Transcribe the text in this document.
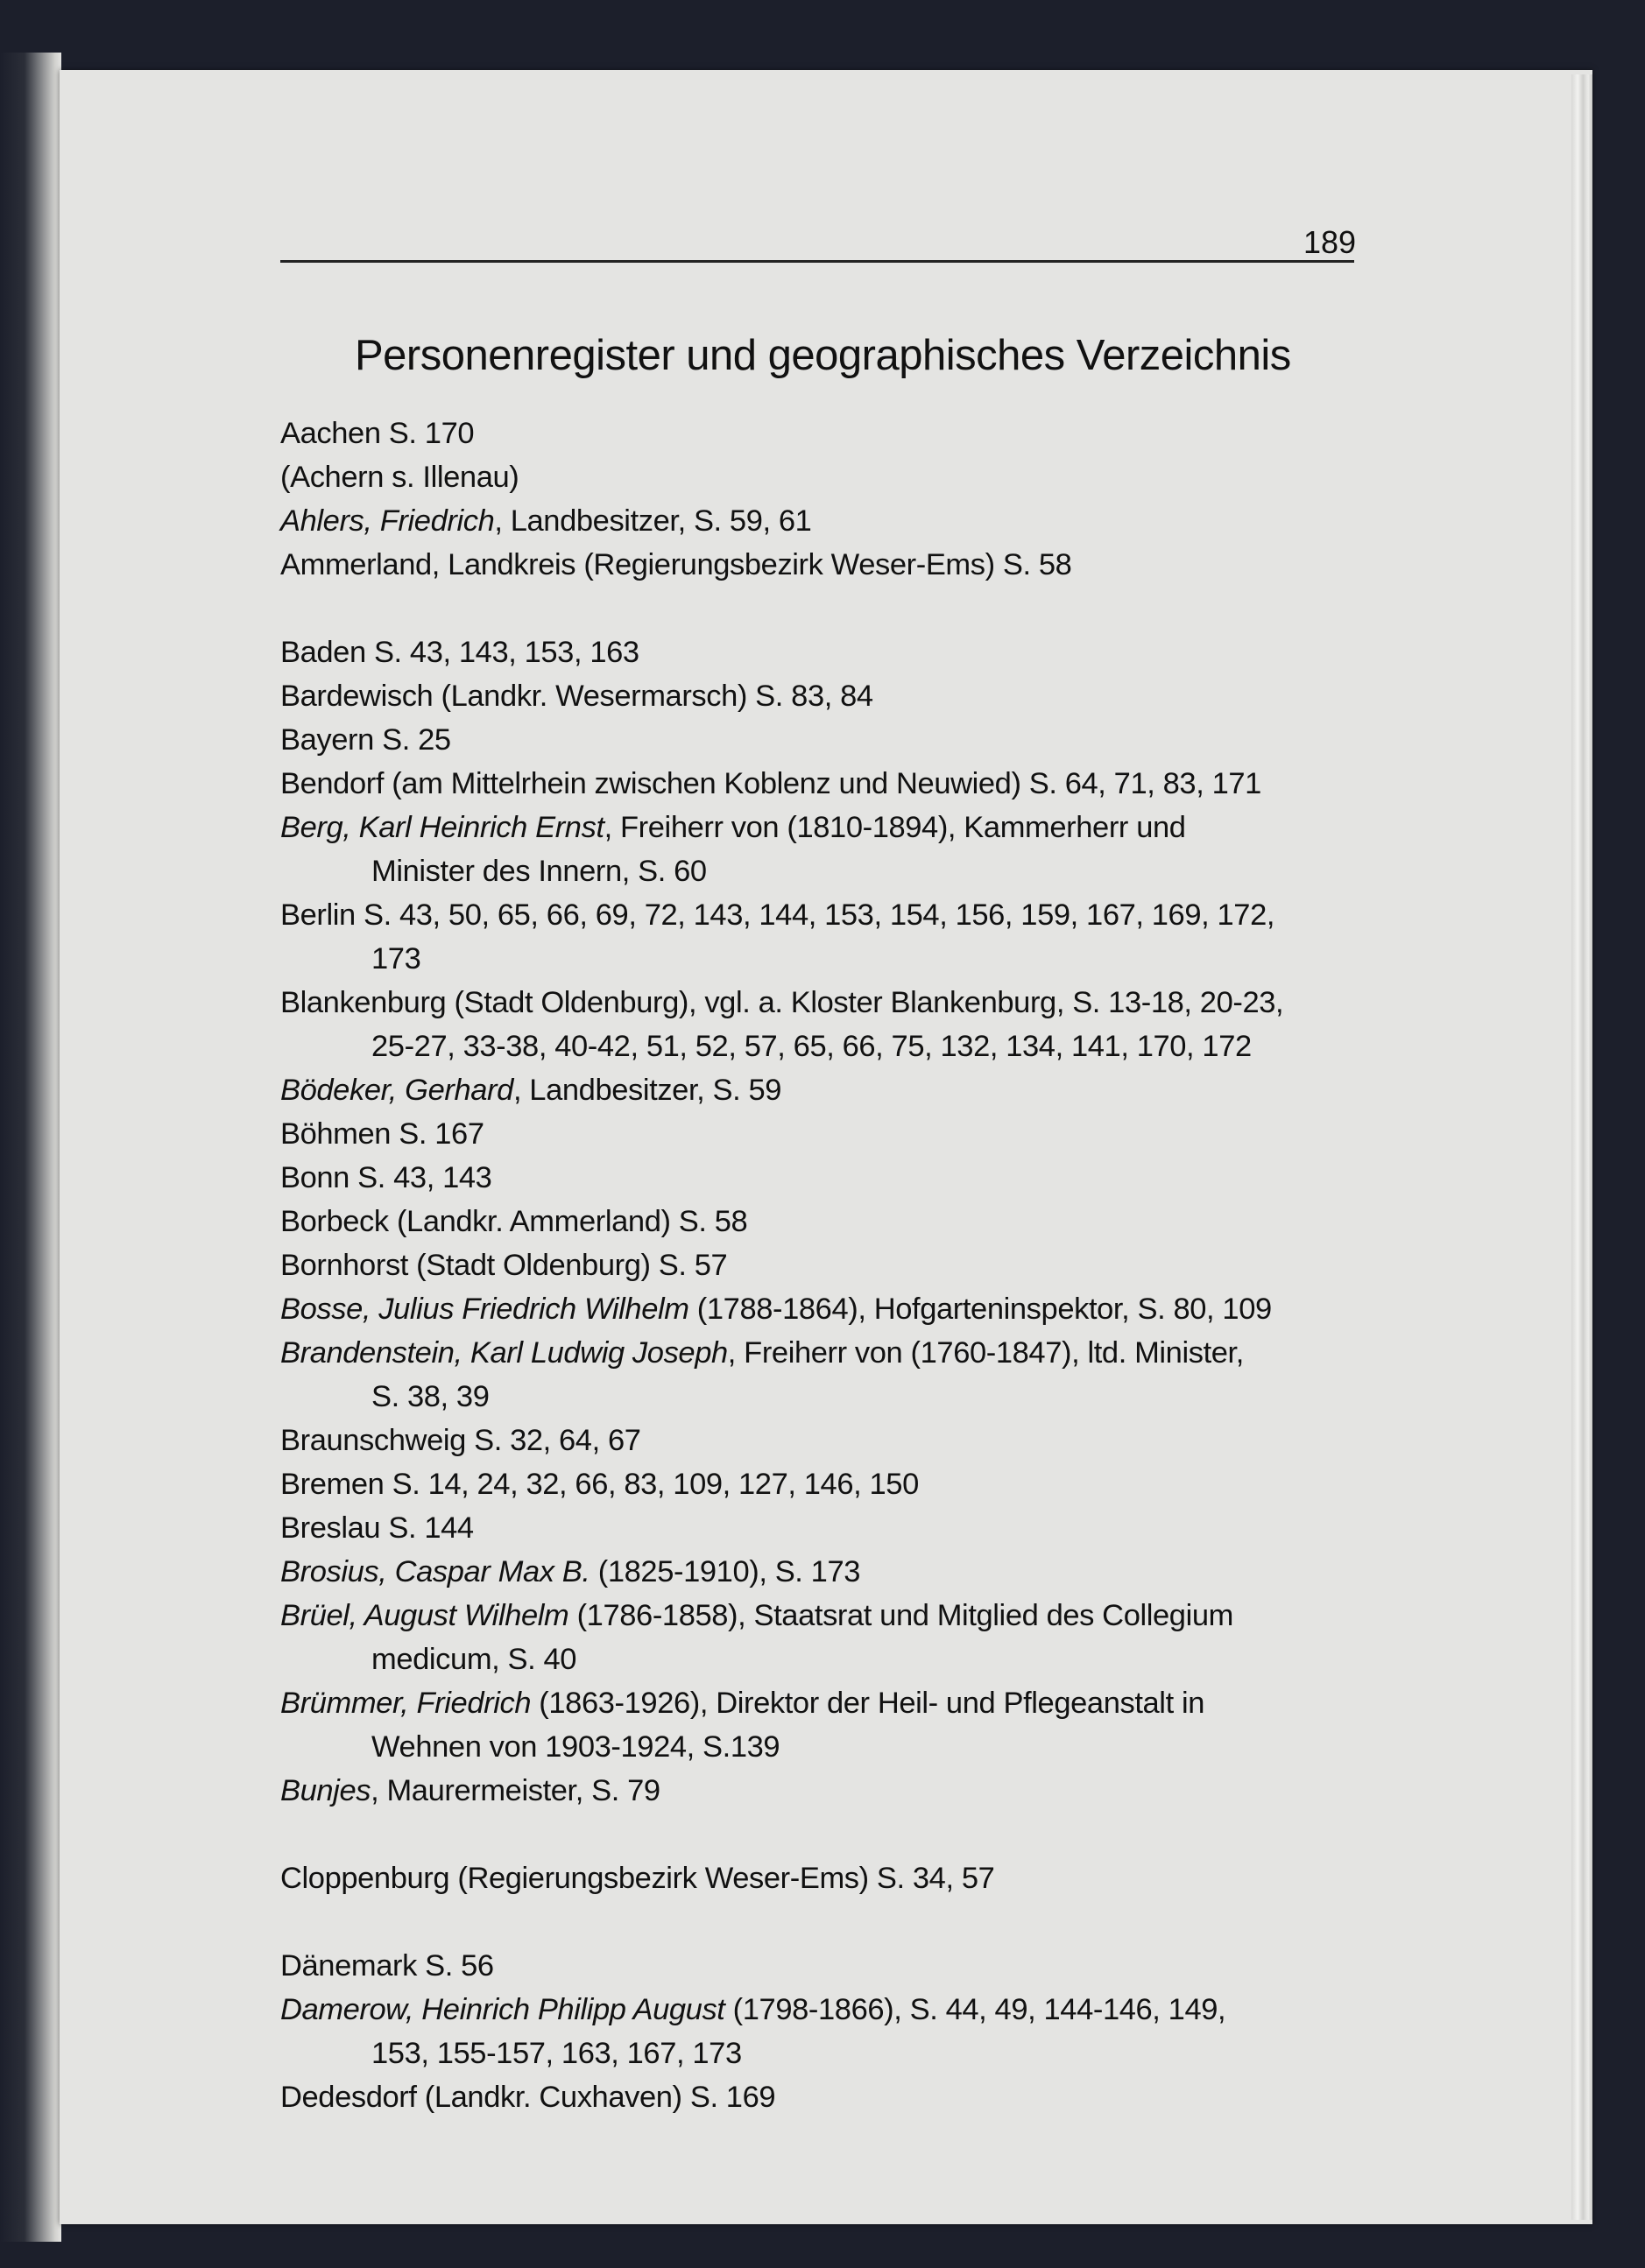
189
Personenregister und geographisches Verzeichnis
Aachen S. 170
(Achern s. Illenau)
Ahlers, Friedrich, Landbesitzer, S. 59, 61
Ammerland, Landkreis (Regierungsbezirk Weser-Ems) S. 58
Baden S. 43, 143, 153, 163
Bardewisch (Landkr. Wesermarsch) S. 83, 84
Bayern S. 25
Bendorf (am Mittelrhein zwischen Koblenz und Neuwied) S. 64, 71, 83, 171
Berg, Karl Heinrich Ernst, Freiherr von (1810-1894), Kammerherr und
Minister des Innern, S. 60
Berlin S. 43, 50, 65, 66, 69, 72, 143, 144, 153, 154, 156, 159, 167, 169, 172,
173
Blankenburg (Stadt Oldenburg), vgl. a. Kloster Blankenburg, S. 13-18, 20-23,
25-27, 33-38, 40-42, 51, 52, 57, 65, 66, 75, 132, 134, 141, 170, 172
Bödeker, Gerhard, Landbesitzer, S. 59
Böhmen S. 167
Bonn S. 43, 143
Borbeck (Landkr. Ammerland) S. 58
Bornhorst (Stadt Oldenburg) S. 57
Bosse, Julius Friedrich Wilhelm (1788-1864), Hofgarteninspektor, S. 80, 109
Brandenstein, Karl Ludwig Joseph, Freiherr von (1760-1847), ltd. Minister,
S. 38, 39
Braunschweig S. 32, 64, 67
Bremen S. 14, 24, 32, 66, 83, 109, 127, 146, 150
Breslau S. 144
Brosius, Caspar Max B. (1825-1910), S. 173
Brüel, August Wilhelm (1786-1858), Staatsrat und Mitglied des Collegium
medicum, S. 40
Brümmer, Friedrich (1863-1926), Direktor der Heil- und Pflegeanstalt in
Wehnen von 1903-1924, S.139
Bunjes, Maurermeister, S. 79
Cloppenburg (Regierungsbezirk Weser-Ems) S. 34, 57
Dänemark S. 56
Damerow, Heinrich Philipp August (1798-1866), S. 44, 49, 144-146, 149,
153, 155-157, 163, 167, 173
Dedesdorf (Landkr. Cuxhaven) S. 169
